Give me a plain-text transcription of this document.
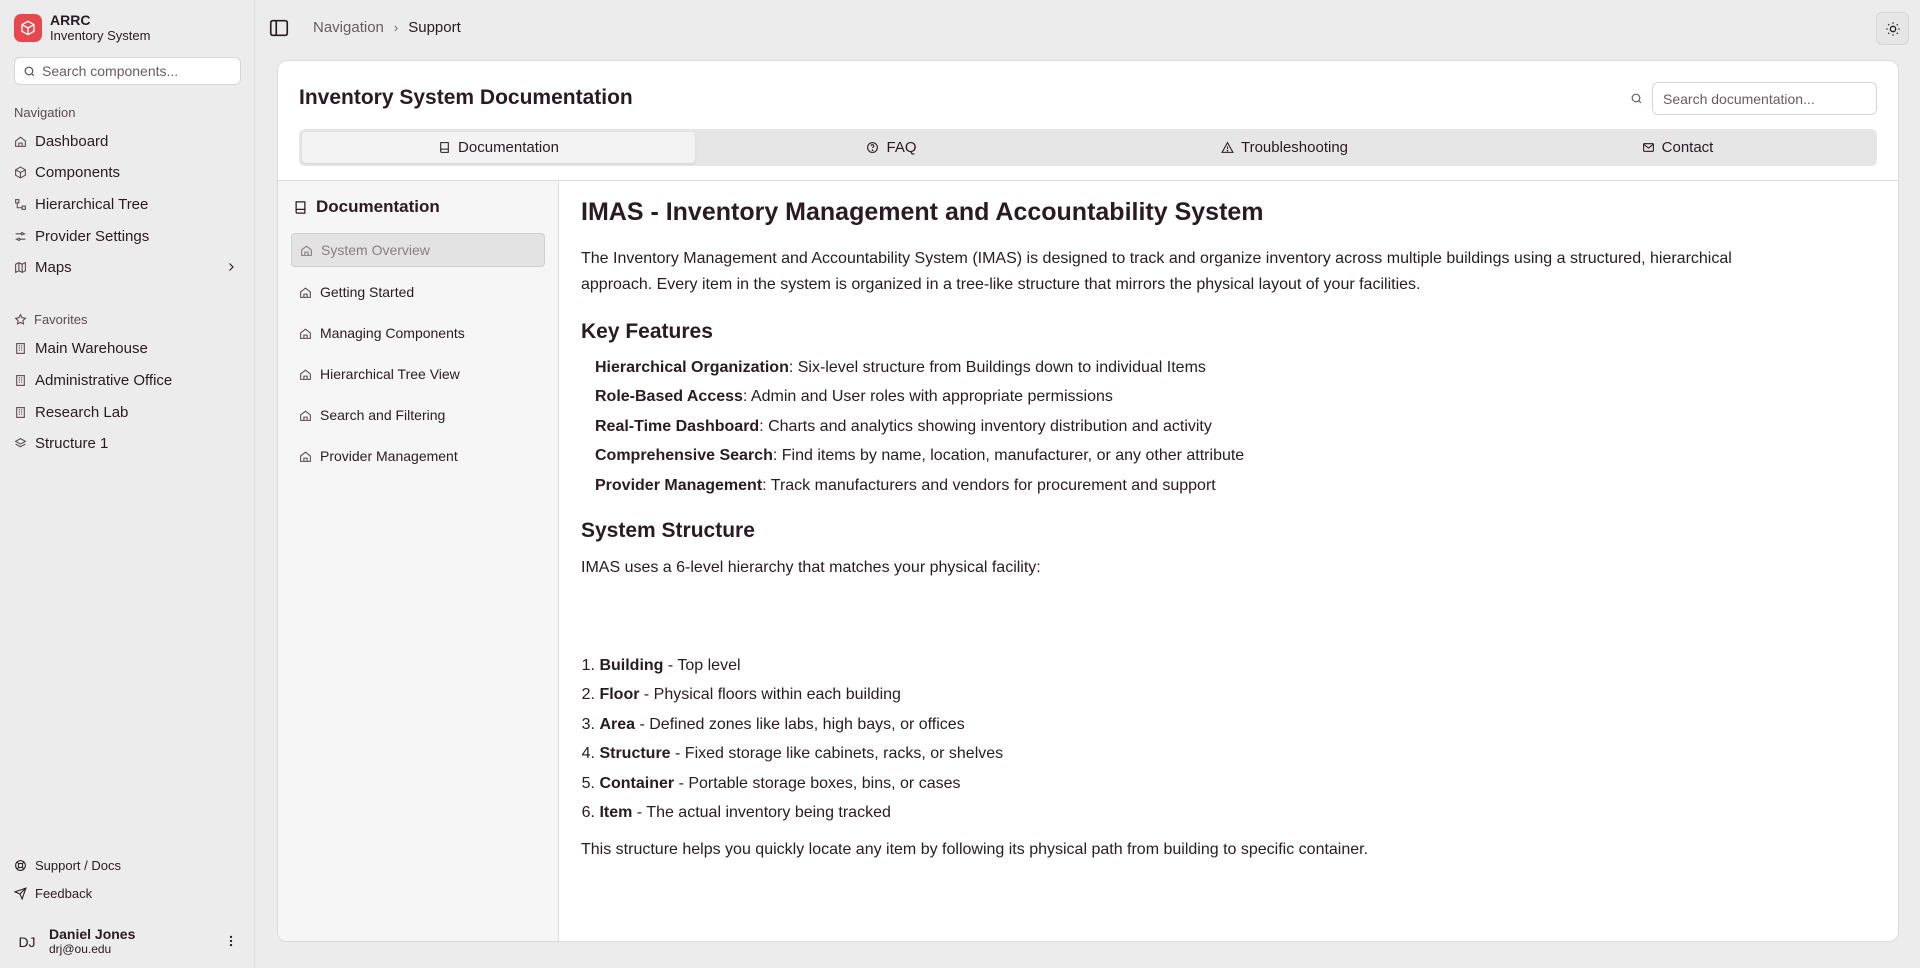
ARRC
Inventory System
Search components...
Navigation
Dashboard
Components
Hierarchical Tree
Provider Settings
Maps
Favorites
Main Warehouse
Administrative Office
Research Lab
Structure 1
Support / Docs
Feedback
DJ Daniel Jones
drj@ou.edu
Navigation › Support
Inventory System Documentation
Search documentation...
Documentation	FAQ	Troubleshooting	Contact
Documentation
System Overview
Getting Started
Managing Components
Hierarchical Tree View
Search and Filtering
Provider Management
IMAS - Inventory Management and Accountability System

The Inventory Management and Accountability System (IMAS) is designed to track and organize inventory across multiple buildings using a structured, hierarchical
approach. Every item in the system is organized in a tree-like structure that mirrors the physical layout of your facilities.

Key Features
Hierarchical Organization: Six-level structure from Buildings down to individual Items
Role-Based Access: Admin and User roles with appropriate permissions
Real-Time Dashboard: Charts and analytics showing inventory distribution and activity
Comprehensive Search: Find items by name, location, manufacturer, or any other attribute
Provider Management: Track manufacturers and vendors for procurement and support
System Structure

IMAS uses a 6-level hierarchy that matches your physical facility:

1.
Building - Top level
2.
Floor - Physical floors within each building
3.
Area - Defined zones like labs, high bays, or offices
4.
Structure - Fixed storage like cabinets, racks, or shelves
5.
Container - Portable storage boxes, bins, or cases
6.
Item - The actual inventory being tracked

This structure helps you quickly locate any item by following its physical path from building to specific container.
